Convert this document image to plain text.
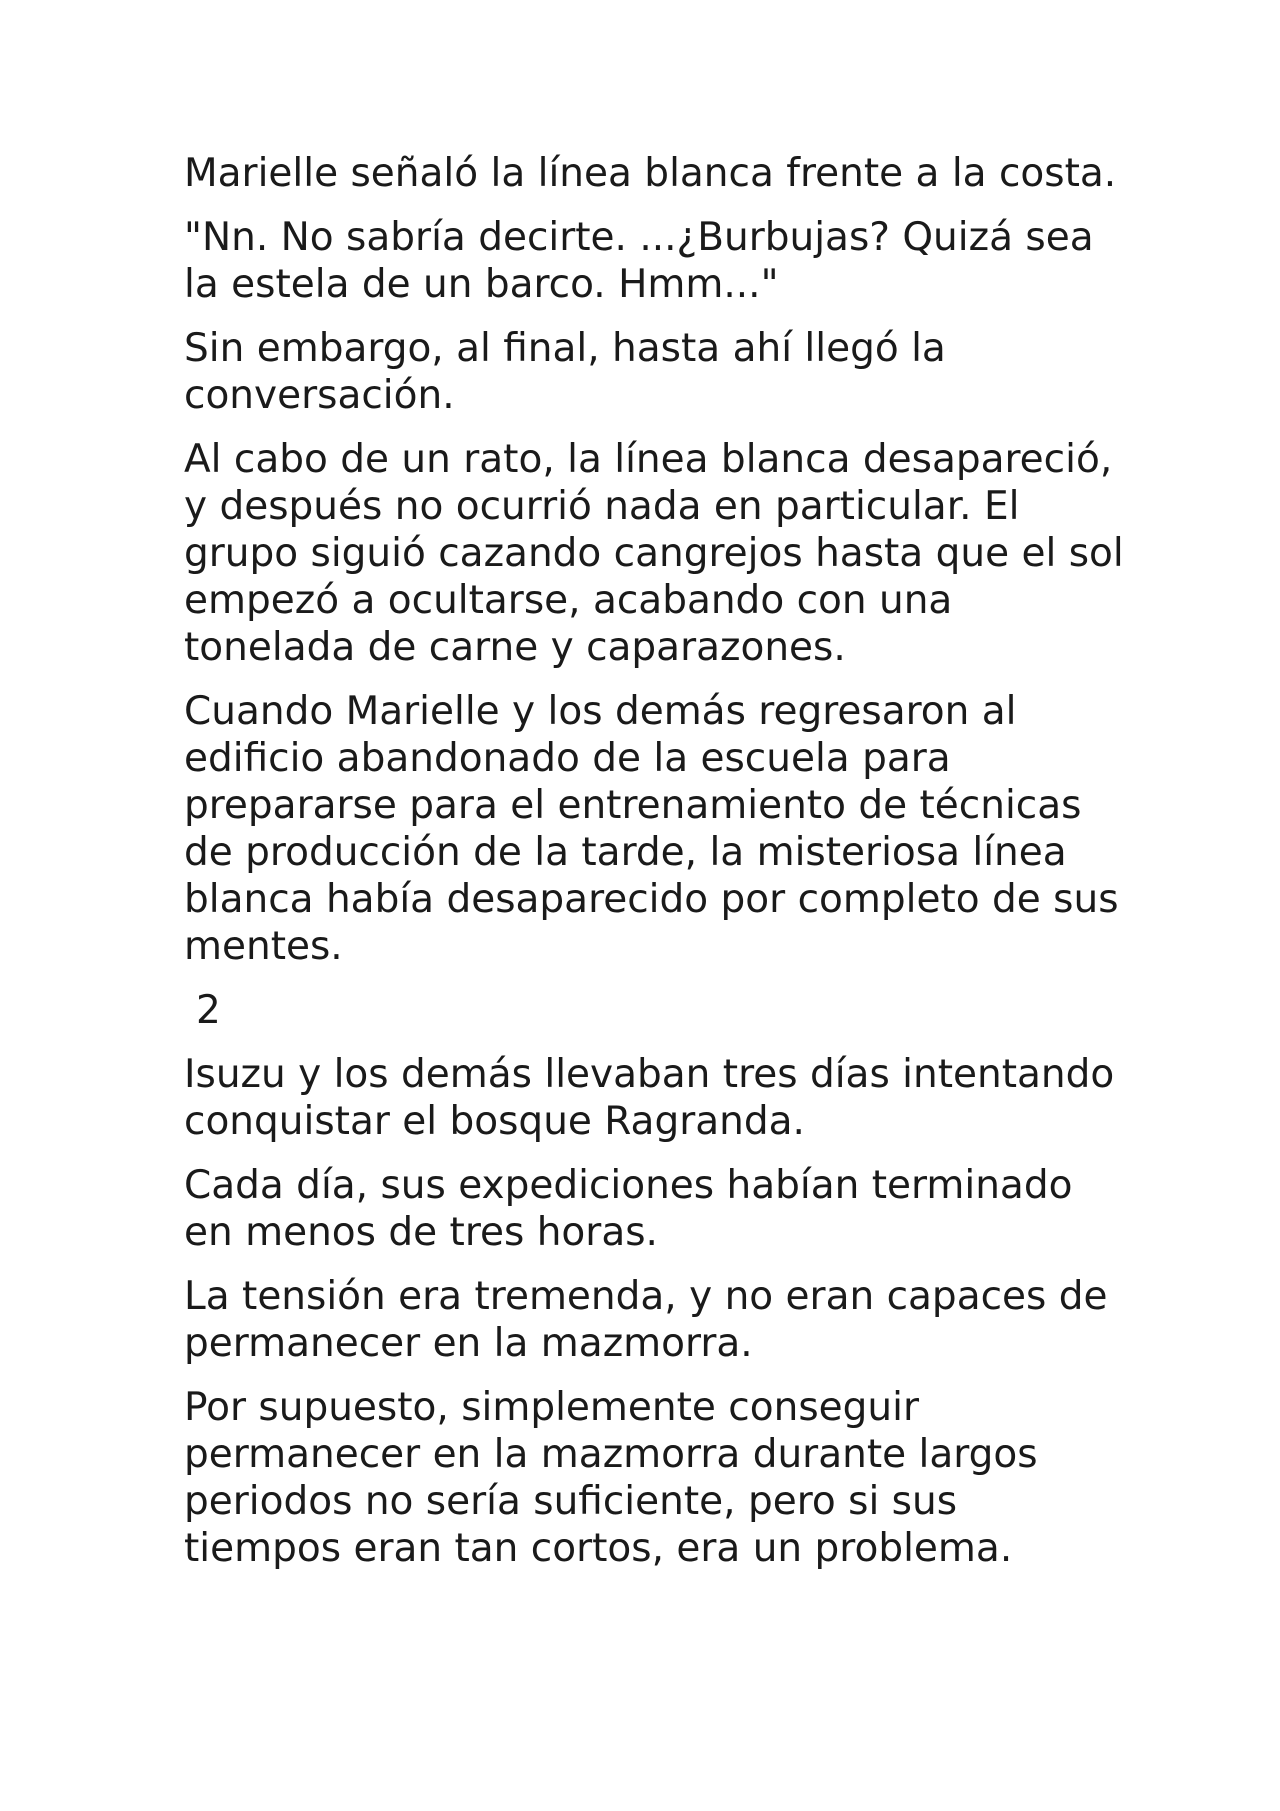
Marielle señaló la línea blanca frente a la costa.

"Nn. No sabría decirte. ...¿Burbujas? Quizá sea la estela de un barco. Hmm..."

Sin embargo, al final, hasta ahí llegó la conversación.

Al cabo de un rato, la línea blanca desapareció, y después no ocurrió nada en particular. El grupo siguió cazando cangrejos hasta que el sol empezó a ocultarse, acabando con una tonelada de carne y caparazones.

Cuando Marielle y los demás regresaron al edificio abandonado de la escuela para prepararse para el entrenamiento de técnicas de producción de la tarde, la misteriosa línea blanca había desaparecido por completo de sus mentes.

2

Isuzu y los demás llevaban tres días intentando conquistar el bosque Ragranda.

Cada día, sus expediciones habían terminado en menos de tres horas.

La tensión era tremenda, y no eran capaces de permanecer en la mazmorra.

Por supuesto, simplemente conseguir permanecer en la mazmorra durante largos periodos no sería suficiente, pero si sus tiempos eran tan cortos, era un problema.
